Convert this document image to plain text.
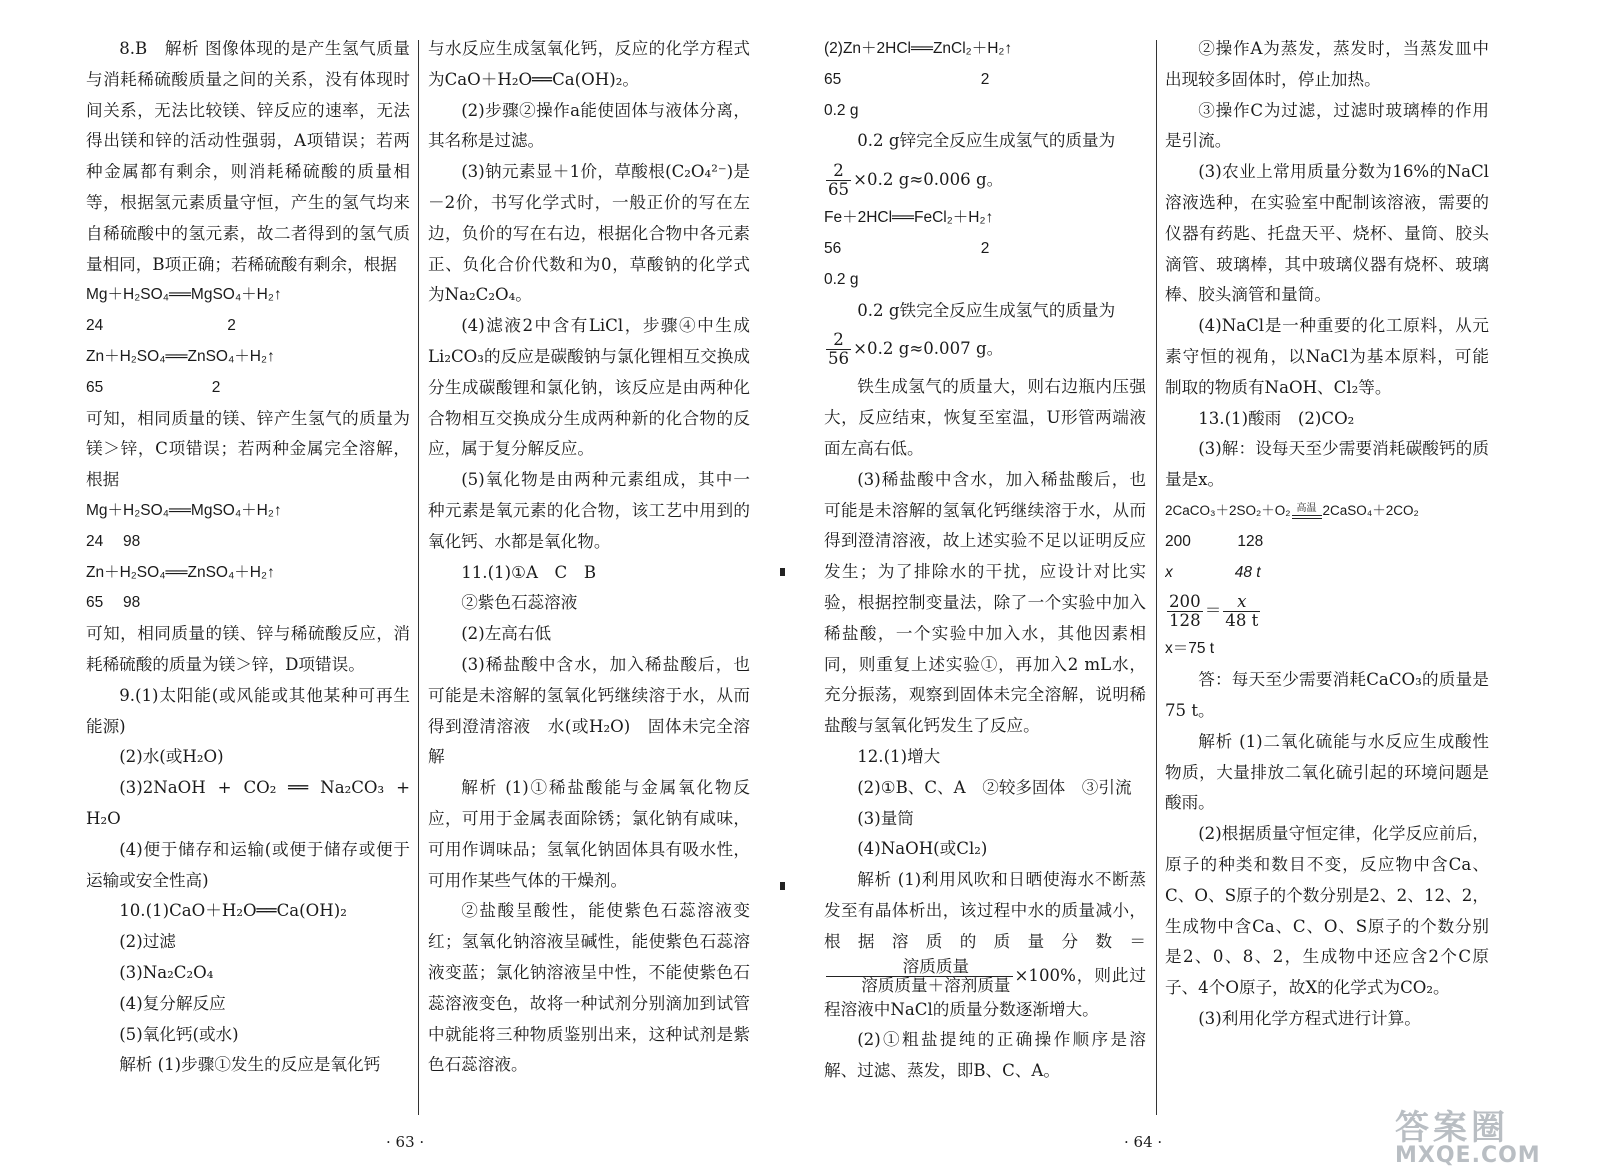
8.B　解析 图像体现的是产生氢气质量与消耗稀硫酸质量之间的关系，没有体现时间关系，无法比较镁、锌反应的速率，无法得出镁和锌的活动性强弱，A项错误；若两种金属都有剩余，则消耗稀硫酸的质量相等，根据氢元素质量守恒，产生的氢气均来自稀硫酸中的氢元素，故二者得到的氢气质量相同，B项正确；若稀硫酸有剩余，根据

Mg＋H₂SO₄══MgSO₄＋H₂↑

24　　　　　　　　2

Zn＋H₂SO₄══ZnSO₄＋H₂↑

65　　　　　　　2

可知，相同质量的镁、锌产生氢气的质量为镁＞锌，C项错误；若两种金属完全溶解，根据

Mg＋H₂SO₄══MgSO₄＋H₂↑

24　 98

Zn＋H₂SO₄══ZnSO₄＋H₂↑

65　 98

可知，相同质量的镁、锌与稀硫酸反应，消耗稀硫酸的质量为镁＞锌，D项错误。

9.(1)太阳能(或风能或其他某种可再生能源)

(2)水(或H₂O)

(3)2NaOH + CO₂ ══ Na₂CO₃ + H₂O

(4)便于储存和运输(或便于储存或便于运输或安全性高)

10.(1)CaO＋H₂O══Ca(OH)₂

(2)过滤

(3)Na₂C₂O₄

(4)复分解反应

(5)氧化钙(或水)

解析 (1)步骤①发生的反应是氧化钙

与水反应生成氢氧化钙，反应的化学方程式为CaO＋H₂O══Ca(OH)₂。

(2)步骤②操作a能使固体与液体分离，其名称是过滤。

(3)钠元素显＋1价，草酸根(C₂O₄²⁻)是－2价，书写化学式时，一般正价的写在左边，负价的写在右边，根据化合物中各元素正、负化合价代数和为0，草酸钠的化学式为Na₂C₂O₄。

(4)滤液2中含有LiCl，步骤④中生成Li₂CO₃的反应是碳酸钠与氯化锂相互交换成分生成碳酸锂和氯化钠，该反应是由两种化合物相互交换成分生成两种新的化合物的反应，属于复分解反应。

(5)氧化物是由两种元素组成，其中一种元素是氧元素的化合物，该工艺中用到的氧化钙、水都是氧化物。

11.(1)①A　C　B

②紫色石蕊溶液

(2)左高右低

(3)稀盐酸中含水，加入稀盐酸后，也可能是未溶解的氢氧化钙继续溶于水，从而得到澄清溶液　水(或H₂O)　固体未完全溶解

解析 (1)①稀盐酸能与金属氧化物反应，可用于金属表面除锈；氯化钠有咸味，可用作调味品；氢氧化钠固体具有吸水性，可用作某些气体的干燥剂。

②盐酸呈酸性，能使紫色石蕊溶液变红；氢氧化钠溶液呈碱性，能使紫色石蕊溶液变蓝；氯化钠溶液呈中性，不能使紫色石蕊溶液变色，故将一种试剂分别滴加到试管中就能将三种物质鉴别出来，这种试剂是紫色石蕊溶液。

· 63 ·

(2)Zn＋2HCl══ZnCl₂＋H₂↑

65　　　　　　　　　2

0.2 g

0.2 g锌完全反应生成氢气的质量为

$\frac{2}{65} \times 0.2$ g≈0.006 g。

Fe＋2HCl══FeCl₂＋H₂↑

56　　　　　　　　　2

0.2 g

0.2 g铁完全反应生成氢气的质量为

$\frac{2}{56} \times 0.2$ g≈0.007 g。

铁生成氢气的质量大，则右边瓶内压强大，反应结束，恢复至室温，U形管两端液面左高右低。

(3)稀盐酸中含水，加入稀盐酸后，也可能是未溶解的氢氧化钙继续溶于水，从而得到澄清溶液，故上述实验不足以证明反应发生；为了排除水的干扰，应设计对比实验，根据控制变量法，除了一个实验中加入稀盐酸，一个实验中加入水，其他因素相同，则重复上述实验①，再加入2 mL水，充分振荡，观察到固体未完全溶解，说明稀盐酸与氢氧化钙发生了反应。

12.(1)增大

(2)①B、C、A　②较多固体　③引流

(3)量筒

(4)NaOH(或Cl₂)

解析 (1)利用风吹和日晒使海水不断蒸发至有晶体析出，该过程中水的质量减小，根据溶质的质量分数＝
$\frac{\text{溶质质量}}{\text{溶质质量＋溶剂质量}} \times 100\%$，则此过程溶液中NaCl的质量分数逐渐增大。

(2)①粗盐提纯的正确操作顺序是溶解、过滤、蒸发，即B、C、A。

②操作A为蒸发，蒸发时，当蒸发皿中出现较多固体时，停止加热。

③操作C为过滤，过滤时玻璃棒的作用是引流。

(3)农业上常用质量分数为16%的NaCl溶液选种，在实验室中配制该溶液，需要的仪器有药匙、托盘天平、烧杯、量筒、胶头滴管、玻璃棒，其中玻璃仪器有烧杯、玻璃棒、胶头滴管和量筒。

(4)NaCl是一种重要的化工原料，从元素守恒的视角，以NaCl为基本原料，可能制取的物质有NaOH、Cl₂等。

13.(1)酸雨　(2)CO₂

(3)解：设每天至少需要消耗碳酸钙的质量是x。

2CaCO₃＋2SO₂＋O₂ 高温 2CaSO₄＋2CO₂

200　　　128

x　　　　48 t

$\frac{200}{128} = \frac{x}{48 t}$

x＝75 t

答：每天至少需要消耗CaCO₃的质量是75 t。

解析 (1)二氧化硫能与水反应生成酸性物质，大量排放二氧化硫引起的环境问题是酸雨。

(2)根据质量守恒定律，化学反应前后，原子的种类和数目不变，反应物中含Ca、C、O、S原子的个数分别是2、2、12、2，生成物中含Ca、C、O、S原子的个数分别是2、0、8、2，生成物中还应含2个C原子、4个O原子，故X的化学式为CO₂。

(3)利用化学方程式进行计算。

· 64 ·	答案圈
MXQE.COM
